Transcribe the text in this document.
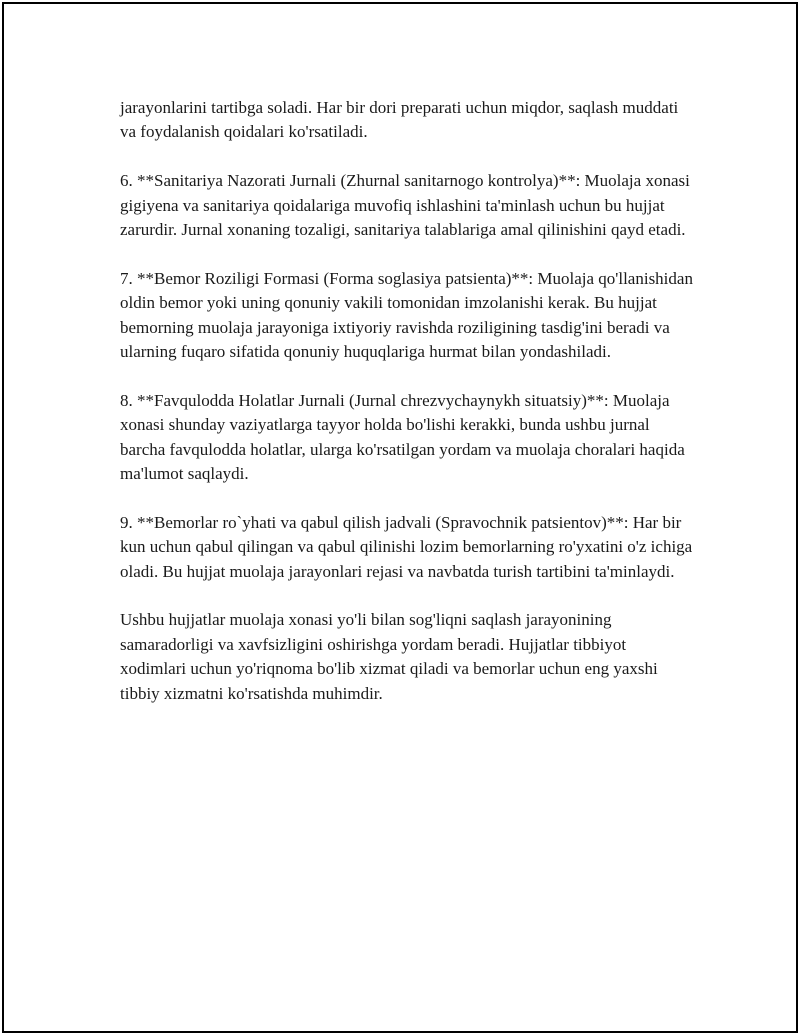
jarayonlarini tartibga soladi. Har bir dori preparati uchun miqdor, saqlash muddati va foydalanish qoidalari ko'rsatiladi.

6. **Sanitariya Nazorati Jurnali (Zhurnal sanitarnogo kontrolya)**: Muolaja xonasi gigiyena va sanitariya qoidalariga muvofiq ishlashini ta'minlash uchun bu hujjat zarurdir. Jurnal xonaning tozaligi, sanitariya talablariga amal qilinishini qayd etadi.

7. **Bemor Roziligi Formasi (Forma soglasiya patsienta)**: Muolaja qo'llanishidan oldin bemor yoki uning qonuniy vakili tomonidan imzolanishi kerak. Bu hujjat bemorning muolaja jarayoniga ixtiyoriy ravishda roziligining tasdig'ini beradi va ularning fuqaro sifatida qonuniy huquqlariga hurmat bilan yondashiladi.

8. **Favqulodda Holatlar Jurnali (Jurnal chrezvychaynykh situatsiy)**: Muolaja xonasi shunday vaziyatlarga tayyor holda bo'lishi kerakki, bunda ushbu jurnal barcha favqulodda holatlar, ularga ko'rsatilgan yordam va muolaja choralari haqida ma'lumot saqlaydi.

9. **Bemorlar ro`yhati va qabul qilish jadvali (Spravochnik patsientov)**: Har bir kun uchun qabul qilingan va qabul qilinishi lozim bemorlarning ro'yxatini o'z ichiga oladi. Bu hujjat muolaja jarayonlari rejasi va navbatda turish tartibini ta'minlaydi.

Ushbu hujjatlar muolaja xonasi yo'li bilan sog'liqni saqlash jarayonining samaradorligi va xavfsizligini oshirishga yordam beradi. Hujjatlar tibbiyot xodimlari uchun yo'riqnoma bo'lib xizmat qiladi va bemorlar uchun eng yaxshi tibbiy xizmatni ko'rsatishda muhimdir.
